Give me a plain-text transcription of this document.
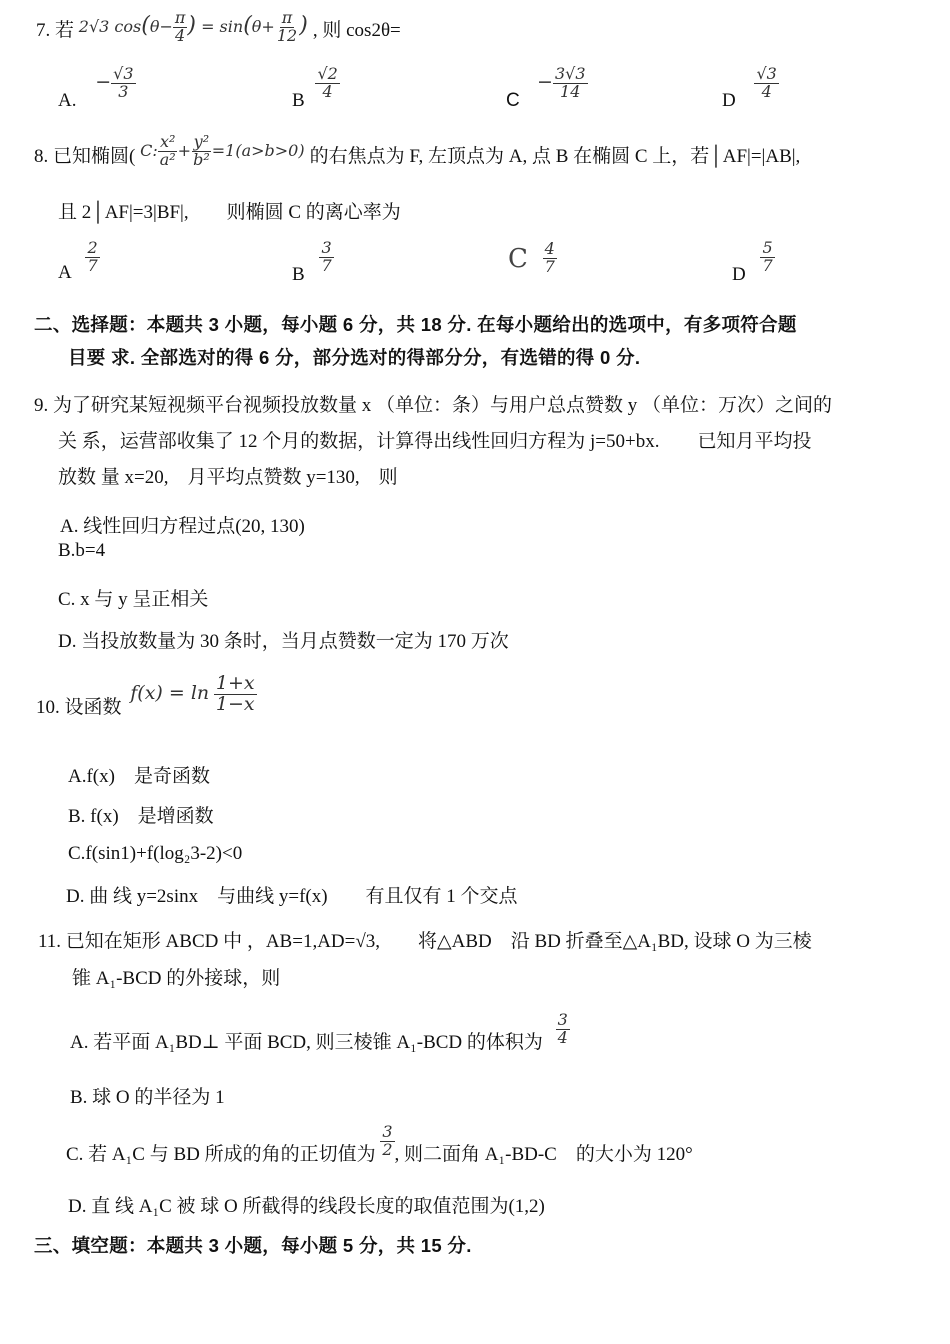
7. 若 $^{2√3 cos(\theta- \frac{\pi}{4} ) = sin(\theta+ \frac{\pi}{12} )}$ , 则 cos2θ=
A. − $\frac{√3}{3}$	B $\frac{√2}{4}$
$C - \frac{3√3}{14}$	D $\frac{√3}{4}$
8. 已知椭圆( $^{C: \frac{\text{x²}}{\text{a²}} + \frac{\text{y²}}{\text{b²}} =1(a>b>0)}$ 的右焦点为 F, 左顶点为 A, 点 B 在椭圆 C 上，若│AF|=|AB|,
且 2│AF|=3|BF|,　　则椭圆 C 的离心率为
A $\frac{2}{7}$	B $\frac{3}{7}$	C $\frac{4}{7}$	D $\frac{5}{7}$
二、选择题：本题共 3 小题，每小题 6 分，共 18 分. 在每小题给出的选项中，有多项符合题
目要 求. 全部选对的得 6 分，部分选对的得部分分，有选错的得 0 分.
9. 为了研究某短视频平台视频投放数量 x （单位：条）与用户总点赞数 y （单位：万次）之间的
关 系，运营部收集了 12 个月的数据，计算得出线性回归方程为 j=50+bx.　　已知月平均投
放数 量 x=20,　月平均点赞数 y=130,　则
A. 线性回归方程过点(20, 130)
B.b=4
C. x 与 y 呈正相关
D. 当投放数量为 30 条时，当月点赞数一定为 170 万次
10. 设函数 $f(x) = \ln \frac{1+x}{1-x}$
A.f(x)　是奇函数
B. f(x)　是增函数
C.f(sin1)+f(log₂3-2)<0
D. 曲 线 y=2sinx　与曲线 y=f(x)　　有且仅有 1 个交点
11. 已知在矩形 ABCD 中 ，AB=1,AD=√3,　　将△ABD　沿 BD 折叠至△A₁BD, 设球 O 为三棱
锥 A₁-BCD 的外接球，则
A. 若平面 A₁BD⊥ 平面 BCD, 则三棱锥 A₁-BCD 的体积为 $\frac{3}{4}$
B. 球 O 的半径为 1
C. 若 A₁C 与 BD 所成的角的正切值为 $\frac{3}{2}$ , 则二面角 A₁-BD-C　的大小为 120°
D. 直 线 A₁C 被 球 O 所截得的线段长度的取值范围为(1,2)
三、填空题：本题共 3 小题，每小题 5 分，共 15 分.
